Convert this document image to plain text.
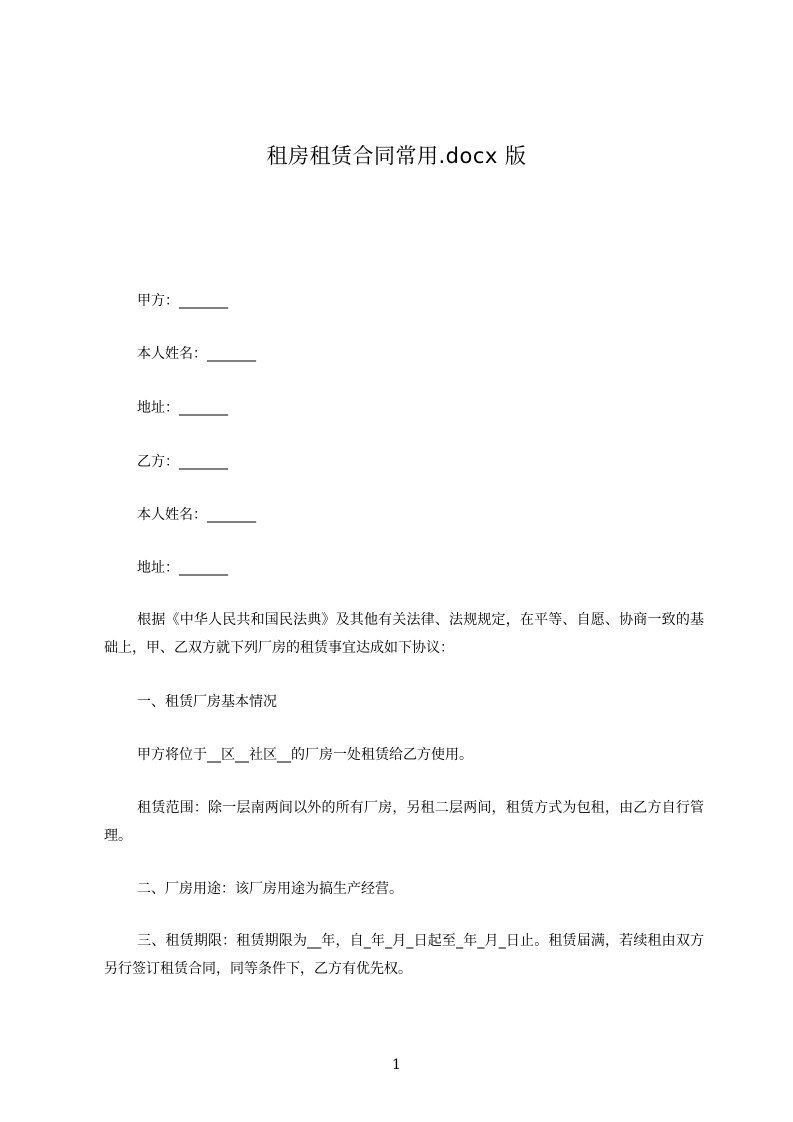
租房租赁合同常用.docx 版
甲方：_______
本人姓名：_______
地址：_______
乙方：_______
本人姓名：_______
地址：_______
根据《中华人民共和国民法典》及其他有关法律、法规规定，在平等、自愿、协商一致的基础上，甲、乙双方就下列厂房的租赁事宜达成如下协议：
一、租赁厂房基本情况
甲方将位于__区__社区__的厂房一处租赁给乙方使用。
租赁范围：除一层南两间以外的所有厂房，另租二层两间，租赁方式为包租，由乙方自行管理。
二、厂房用途：该厂房用途为搞生产经营。
三、租赁期限：租赁期限为__年，自_年_月_日起至_年_月_日止。租赁届满，若续租由双方另行签订租赁合同，同等条件下，乙方有优先权。
1
